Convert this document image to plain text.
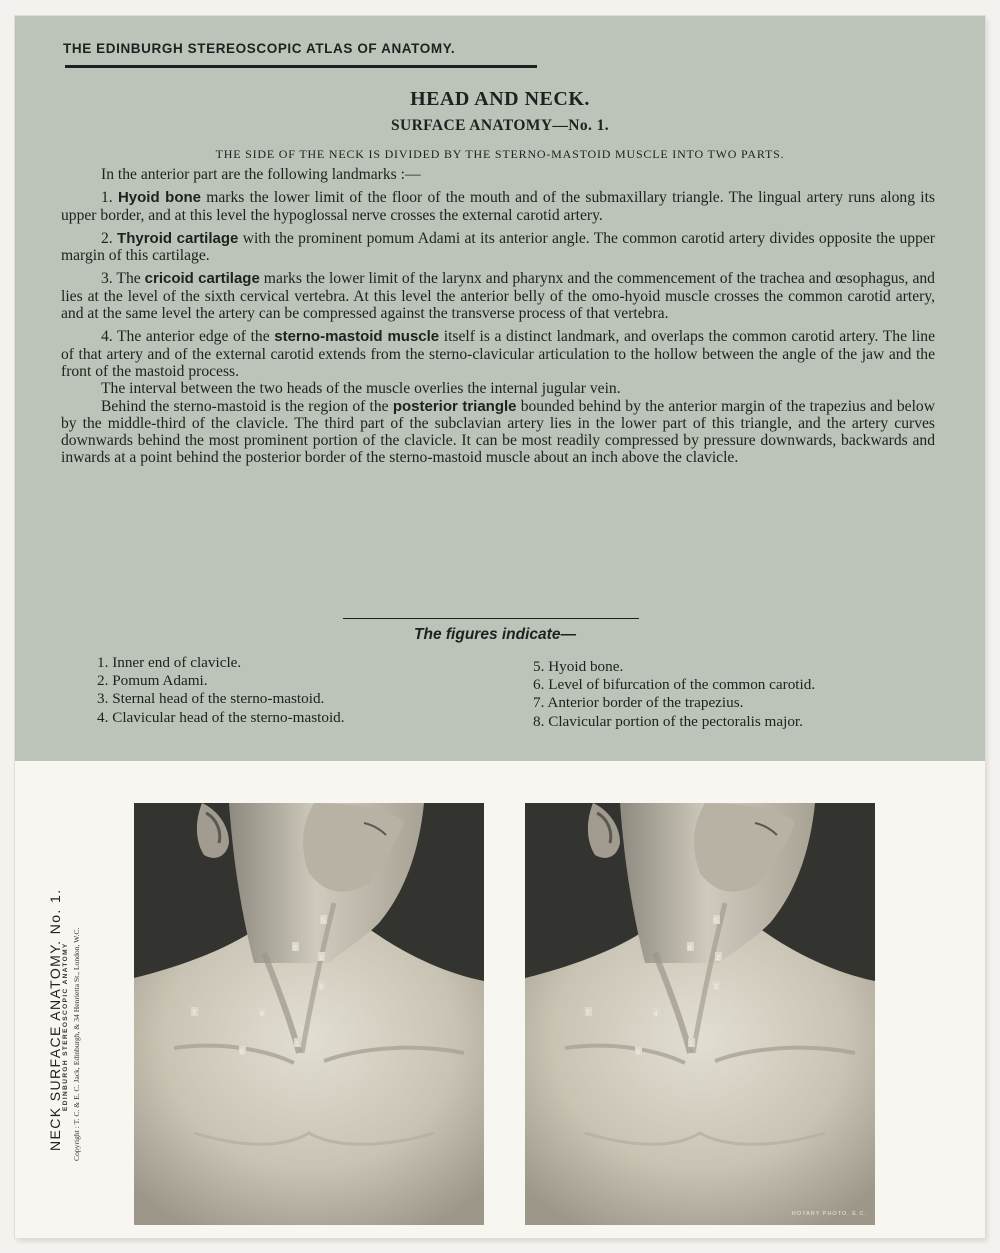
THE EDINBURGH STEREOSCOPIC ATLAS OF ANATOMY.
HEAD AND NECK.
SURFACE ANATOMY—No. 1.
THE SIDE OF THE NECK IS DIVIDED BY THE STERNO-MASTOID MUSCLE INTO TWO PARTS.

In the anterior part are the following landmarks :—

1. Hyoid bone marks the lower limit of the floor of the mouth and of the submaxillary triangle. The lingual artery runs along its upper border, and at this level the hypoglossal nerve crosses the external carotid artery.

2. Thyroid cartilage with the prominent pomum Adami at its anterior angle. The common carotid artery divides opposite the upper margin of this cartilage.

3. The cricoid cartilage marks the lower limit of the larynx and pharynx and the commencement of the trachea and œsophagus, and lies at the level of the sixth cervical vertebra. At this level the anterior belly of the omo-hyoid muscle crosses the common carotid artery, and at the same level the artery can be compressed against the transverse process of that vertebra.

4. The anterior edge of the sterno-mastoid muscle itself is a distinct landmark, and overlaps the common carotid artery. The line of that artery and of the external carotid extends from the sterno-clavicular articulation to the hollow between the angle of the jaw and the front of the mastoid process.

The interval between the two heads of the muscle overlies the internal jugular vein.

Behind the sterno-mastoid is the region of the posterior triangle bounded behind by the anterior margin of the trapezius and below by the middle-third of the clavicle. The third part of the subclavian artery lies in the lower part of this triangle, and the artery curves downwards behind the most prominent portion of the clavicle. It can be most readily compressed by pressure downwards, backwards and inwards at a point behind the posterior border of the sterno-mastoid muscle about an inch above the clavicle.

The figures indicate—
1. Inner end of clavicle.
2. Pomum Adami.
3. Sternal head of the sterno-mastoid.
4. Clavicular head of the sterno-mastoid.
5. Hyoid bone.
6. Level of bifurcation of the common carotid.
7. Anterior border of the trapezius.
8. Clavicular portion of the pectoralis major.
NECK SURFACE ANATOMY. No. 1. EDINBURGH STEREOSCOPIC ANATOMY Copyright : T. C. & E. C. Jack, Edinburgh, & 34 Henrietta St., London, W.C.
5
6
2
3
7	4
8
1
5
6
2
3
7	4
8
1
ROTARY PHOTO. E.C.
